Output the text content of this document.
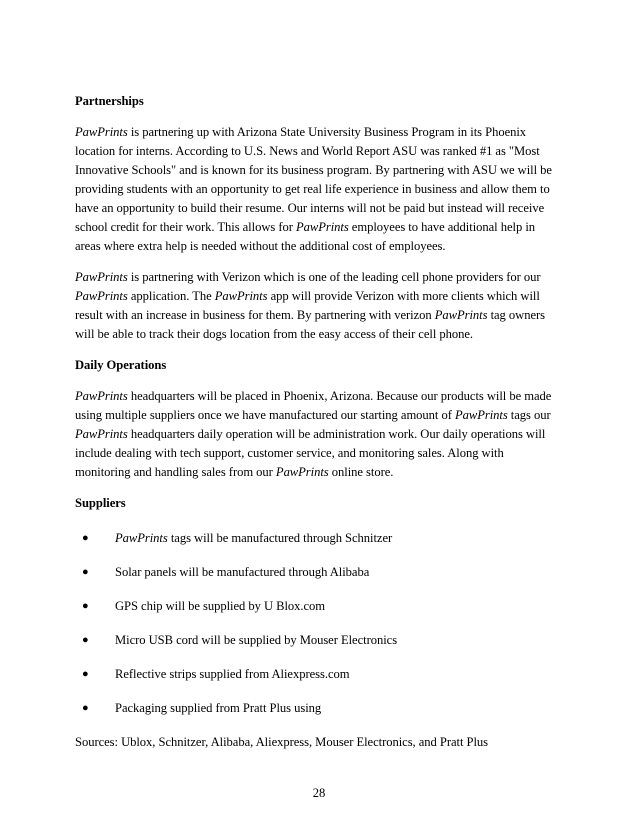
Partnerships

PawPrints is partnering up with Arizona State University Business Program in its Phoenix
location for interns. According to U.S. News and World Report ASU was ranked #1 as "Most
Innovative Schools" and is known for its business program. By partnering with ASU we will be
providing students with an opportunity to get real life experience in business and allow them to
have an opportunity to build their resume. Our interns will not be paid but instead will receive
school credit for their work. This allows for PawPrints employees to have additional help in
areas where extra help is needed without the additional cost of employees.

PawPrints is partnering with Verizon which is one of the leading cell phone providers for our
PawPrints application. The PawPrints app will provide Verizon with more clients which will
result with an increase in business for them. By partnering with verizon PawPrints tag owners
will be able to track their dogs location from the easy access of their cell phone.

Daily Operations

PawPrints headquarters will be placed in Phoenix, Arizona. Because our products will be made
using multiple suppliers once we have manufactured our starting amount of PawPrints tags our
PawPrints headquarters daily operation will be administration work. Our daily operations will
include dealing with tech support, customer service, and monitoring sales. Along with
monitoring and handling sales from our PawPrints online store.

Suppliers
● PawPrints tags will be manufactured through Schnitzer
● Solar panels will be manufactured through Alibaba
● GPS chip will be supplied by U Blox.com
● Micro USB cord will be supplied by Mouser Electronics
● Reflective strips supplied from Aliexpress.com
● Packaging supplied from Pratt Plus using

Sources: Ublox, Schnitzer, Alibaba, Aliexpress, Mouser Electronics, and Pratt Plus

28
